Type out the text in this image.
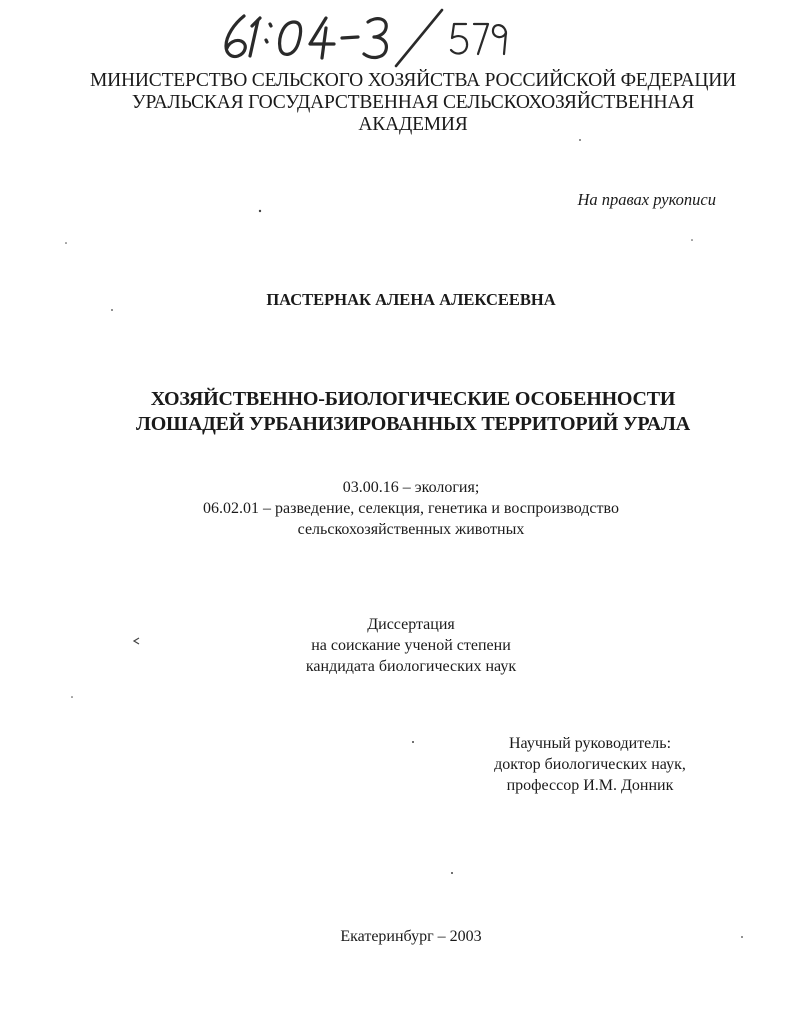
МИНИСТЕРСТВО СЕЛЬСКОГО ХОЗЯЙСТВА РОССИЙСКОЙ ФЕДЕРАЦИИ
УРАЛЬСКАЯ ГОСУДАРСТВЕННАЯ СЕЛЬСКОХОЗЯЙСТВЕННАЯ
АКАДЕМИЯ
На правах рукописи
ПАСТЕРНАК АЛЕНА АЛЕКСЕЕВНА
ХОЗЯЙСТВЕННО-БИОЛОГИЧЕСКИЕ ОСОБЕННОСТИ
ЛОШАДЕЙ УРБАНИЗИРОВАННЫХ ТЕРРИТОРИЙ УРАЛА
03.00.16 – экология;
06.02.01 – разведение, селекция, генетика и воспроизводство
сельскохозяйственных животных
Диссертация
на соискание ученой степени
кандидата биологических наук
Научный руководитель:
доктор биологических наук,
профессор И.М. Донник
Екатеринбург – 2003
